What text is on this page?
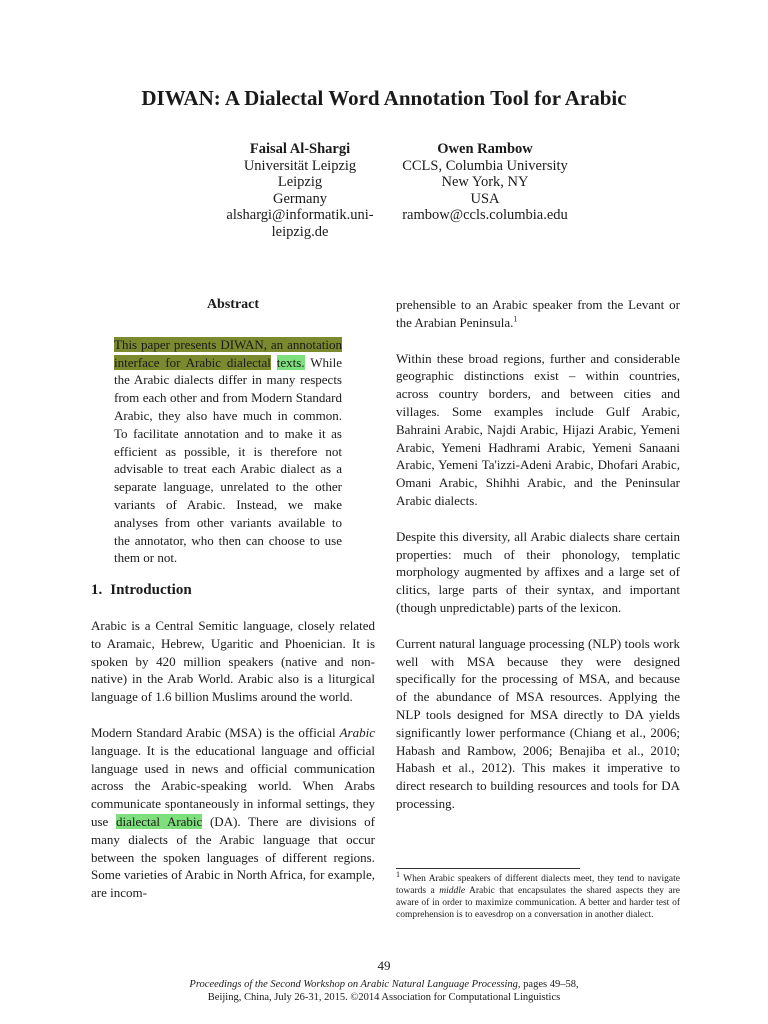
DIWAN: A Dialectal Word Annotation Tool for Arabic
Faisal Al-Shargi
Universität Leipzig
Leipzig
Germany
alshargi@informatik.uni-leipzig.de
Owen Rambow
CCLS, Columbia University
New York, NY
USA
rambow@ccls.columbia.edu
Abstract
This paper presents DIWAN, an annotation interface for Arabic dialectal texts. While the Arabic dialects differ in many respects from each other and from Modern Standard Arabic, they also have much in common. To facilitate annotation and to make it as efficient as possible, it is therefore not advisable to treat each Arabic dialect as a separate language, unrelated to the other variants of Arabic. Instead, we make analyses from other variants available to the annotator, who then can choose to use them or not.
1. Introduction

Arabic is a Central Semitic language, closely related to Aramaic, Hebrew, Ugaritic and Phoenician. It is spoken by 420 million speakers (native and non-native) in the Arab World. Arabic also is a liturgical language of 1.6 billion Muslims around the world.

Modern Standard Arabic (MSA) is the official Arabic language. It is the educational language and official language used in news and official communication across the Arabic-speaking world. When Arabs communicate spontaneously in informal settings, they use dialectal Arabic (DA). There are divisions of many dialects of the Arabic language that occur between the spoken languages of different regions. Some varieties of Arabic in North Africa, for example, are incom-

prehensible to an Arabic speaker from the Levant or the Arabian Peninsula.$^1$

Within these broad regions, further and considerable geographic distinctions exist – within countries, across country borders, and between cities and villages. Some examples include Gulf Arabic, Bahraini Arabic, Najdi Arabic, Hijazi Arabic, Yemeni Arabic, Yemeni Hadhrami Arabic, Yemeni Sanaani Arabic, Yemeni Ta'izzi-Adeni Arabic, Dhofari Arabic, Omani Arabic, Shihhi Arabic, and the Peninsular Arabic dialects.

Despite this diversity, all Arabic dialects share certain properties: much of their phonology, templatic morphology augmented by affixes and a large set of clitics, large parts of their syntax, and important (though unpredictable) parts of the lexicon.

Current natural language processing (NLP) tools work well with MSA because they were designed specifically for the processing of MSA, and because of the abundance of MSA resources. Applying the NLP tools designed for MSA directly to DA yields significantly lower performance (Chiang et al., 2006; Habash and Rambow, 2006; Benajiba et al., 2010; Habash et al., 2012). This makes it imperative to direct research to building resources and tools for DA processing.

$^1$ When Arabic speakers of different dialects meet, they tend to navigate towards a middle Arabic that encapsulates the shared aspects they are aware of in order to maximize communication. A better and harder test of comprehension is to eavesdrop on a conversation in another dialect.
49
Proceedings of the Second Workshop on Arabic Natural Language Processing, pages 49–58,
Beijing, China, July 26-31, 2015. ©2014 Association for Computational Linguistics
